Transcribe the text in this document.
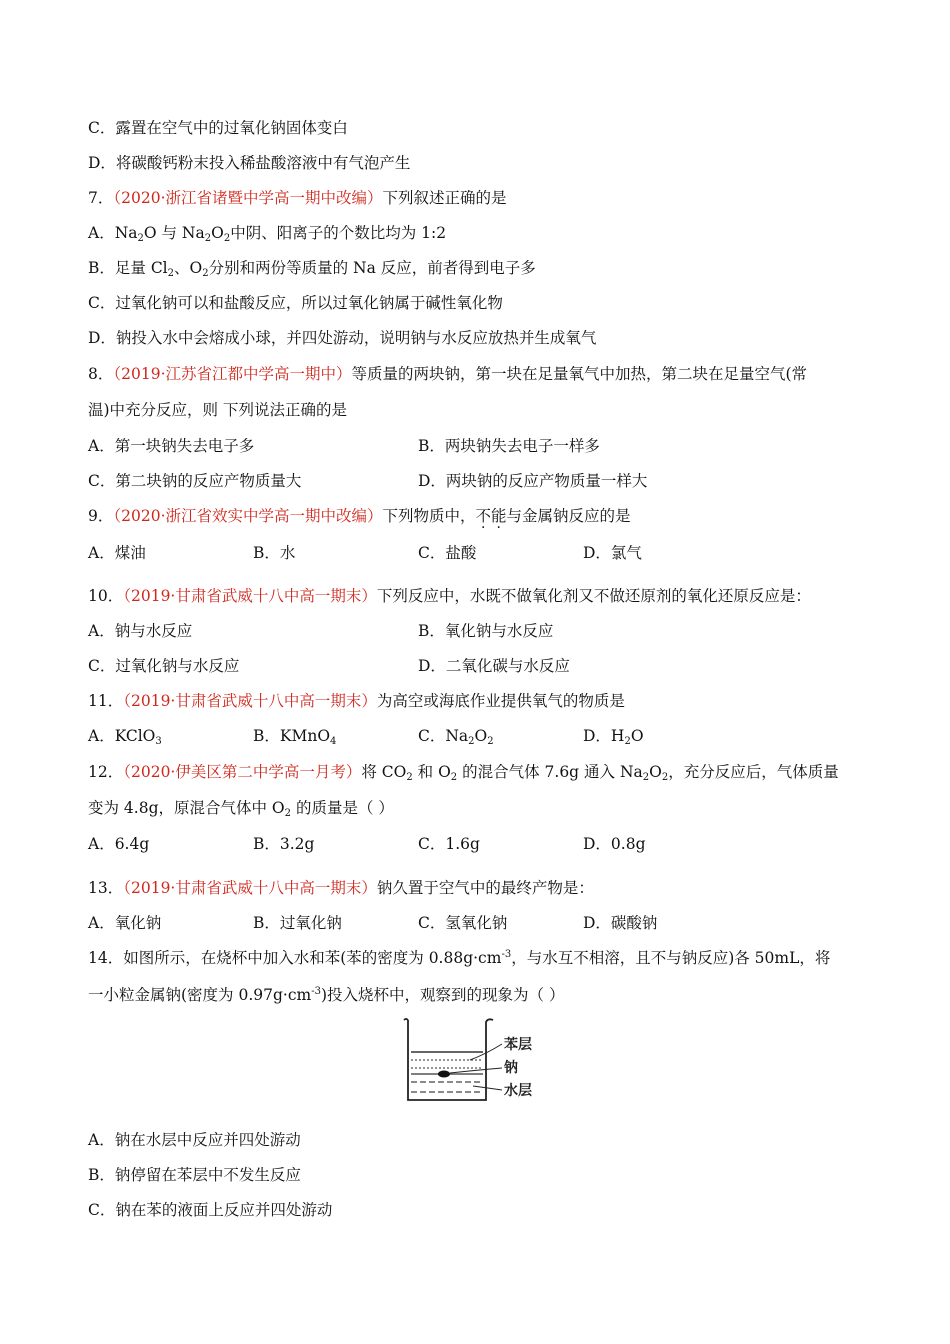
C．露置在空气中的过氧化钠固体变白
D．将碳酸钙粉末投入稀盐酸溶液中有气泡产生
7．（2020·浙江省诸暨中学高一期中改编）下列叙述正确的是
A．$Na_2O$ 与 $Na_2O_2$中阴、阳离子的个数比均为 1:2
B．足量 $Cl_2$、$O_2$分别和两份等质量的 Na 反应，前者得到电子多
C．过氧化钠可以和盐酸反应，所以过氧化钠属于碱性氧化物
D．钠投入水中会熔成小球，并四处游动，说明钠与水反应放热并生成氧气
8．（2019·江苏省江都中学高一期中）等质量的两块钠，第一块在足量氧气中加热，第二块在足量空气(常
温)中充分反应，则 下列说法正确的是
A．第一块钠失去电子多	B．两块钠失去电子一样多
C．第二块钠的反应产物质量大	D．两块钠的反应产物质量一样大
9．（2020·浙江省效实中学高一期中改编）下列物质中，不能与金属钠反应的是
A．煤油	B．水	C．盐酸	D．氯气
10．（2019·甘肃省武威十八中高一期末）下列反应中，水既不做氧化剂又不做还原剂的氧化还原反应是：
A．钠与水反应	B．氧化钠与水反应
C．过氧化钠与水反应	D．二氧化碳与水反应
11．（2019·甘肃省武威十八中高一期末）为高空或海底作业提供氧气的物质是
A．KClO$_3$	B．KMnO$_4$	C．$Na_2O_2$	D．$H_2O$
12．（2020·伊美区第二中学高一月考）将 $CO_2$ 和 $O_2$ 的混合气体 7.6g 通入 $Na_2O_2$，充分反应后，气体质量
变为 4.8g，原混合气体中 $O_2$ 的质量是（ ）
A．6.4g	B．3.2g	C．1.6g	D．0.8g
13．（2019·甘肃省武威十八中高一期末）钠久置于空气中的最终产物是：
A．氧化钠	B．过氧化钠	C．氢氧化钠	D．碳酸钠
14．如图所示，在烧杯中加入水和苯(苯的密度为 $0.88g\cdot cm^{-3}$，与水互不相溶，且不与钠反应)各 50mL，将
一小粒金属钠(密度为 $0.97g\cdot cm^{-3}$)投入烧杯中，观察到的现象为（ ）
苯层
钠
水层
A．钠在水层中反应并四处游动
B．钠停留在苯层中不发生反应
C．钠在苯的液面上反应并四处游动
